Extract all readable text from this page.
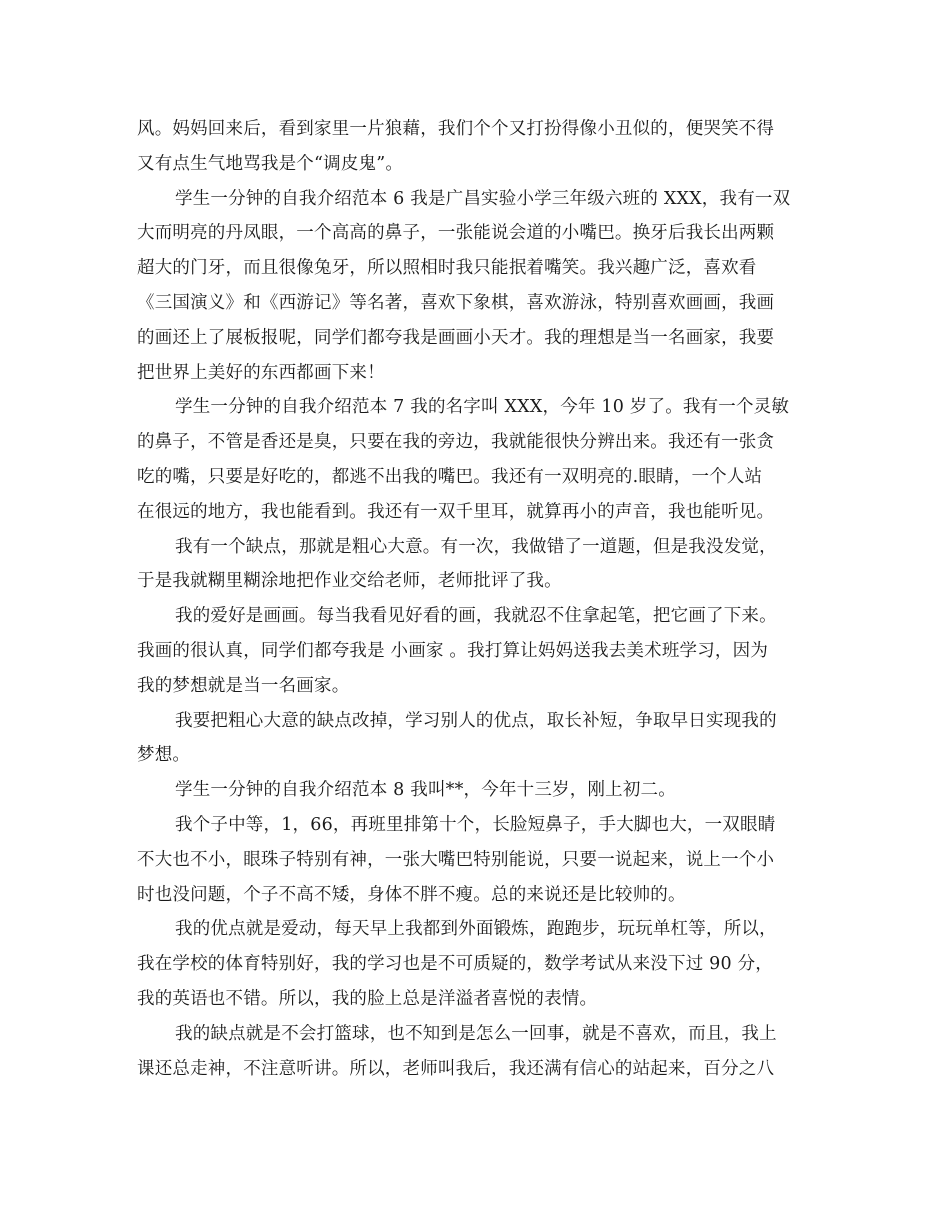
风。妈妈回来后，看到家里一片狼藉，我们个个又打扮得像小丑似的，便哭笑不得
又有点生气地骂我是个“调皮鬼”。
学生一分钟的自我介绍范本 6 我是广昌实验小学三年级六班的 XXX，我有一双
大而明亮的丹凤眼，一个高高的鼻子，一张能说会道的小嘴巴。换牙后我长出两颗
超大的门牙，而且很像兔牙，所以照相时我只能抿着嘴笑。我兴趣广泛，喜欢看
《三国演义》和《西游记》等名著，喜欢下象棋，喜欢游泳，特别喜欢画画，我画
的画还上了展板报呢，同学们都夸我是画画小天才。我的理想是当一名画家，我要
把世界上美好的东西都画下来！
学生一分钟的自我介绍范本 7 我的名字叫 XXX，今年 10 岁了。我有一个灵敏
的鼻子，不管是香还是臭，只要在我的旁边，我就能很快分辨出来。我还有一张贪
吃的嘴，只要是好吃的，都逃不出我的嘴巴。我还有一双明亮的.眼睛，一个人站
在很远的地方，我也能看到。我还有一双千里耳，就算再小的声音，我也能听见。
我有一个缺点，那就是粗心大意。有一次，我做错了一道题，但是我没发觉，
于是我就糊里糊涂地把作业交给老师，老师批评了我。
我的爱好是画画。每当我看见好看的画，我就忍不住拿起笔，把它画了下来。
我画的很认真，同学们都夸我是 小画家 。我打算让妈妈送我去美术班学习，因为
我的梦想就是当一名画家。
我要把粗心大意的缺点改掉，学习别人的优点，取长补短，争取早日实现我的
梦想。
学生一分钟的自我介绍范本 8 我叫**，今年十三岁，刚上初二。
我个子中等，1，66，再班里排第十个，长脸短鼻子，手大脚也大，一双眼睛
不大也不小，眼珠子特别有神，一张大嘴巴特别能说，只要一说起来，说上一个小
时也没问题，个子不高不矮，身体不胖不瘦。总的来说还是比较帅的。
我的优点就是爱动，每天早上我都到外面锻炼，跑跑步，玩玩单杠等，所以，
我在学校的体育特别好，我的学习也是不可质疑的，数学考试从来没下过 90 分，
我的英语也不错。所以，我的脸上总是洋溢者喜悦的表情。
我的缺点就是不会打篮球，也不知到是怎么一回事，就是不喜欢，而且，我上
课还总走神，不注意听讲。所以，老师叫我后，我还满有信心的站起来，百分之八
